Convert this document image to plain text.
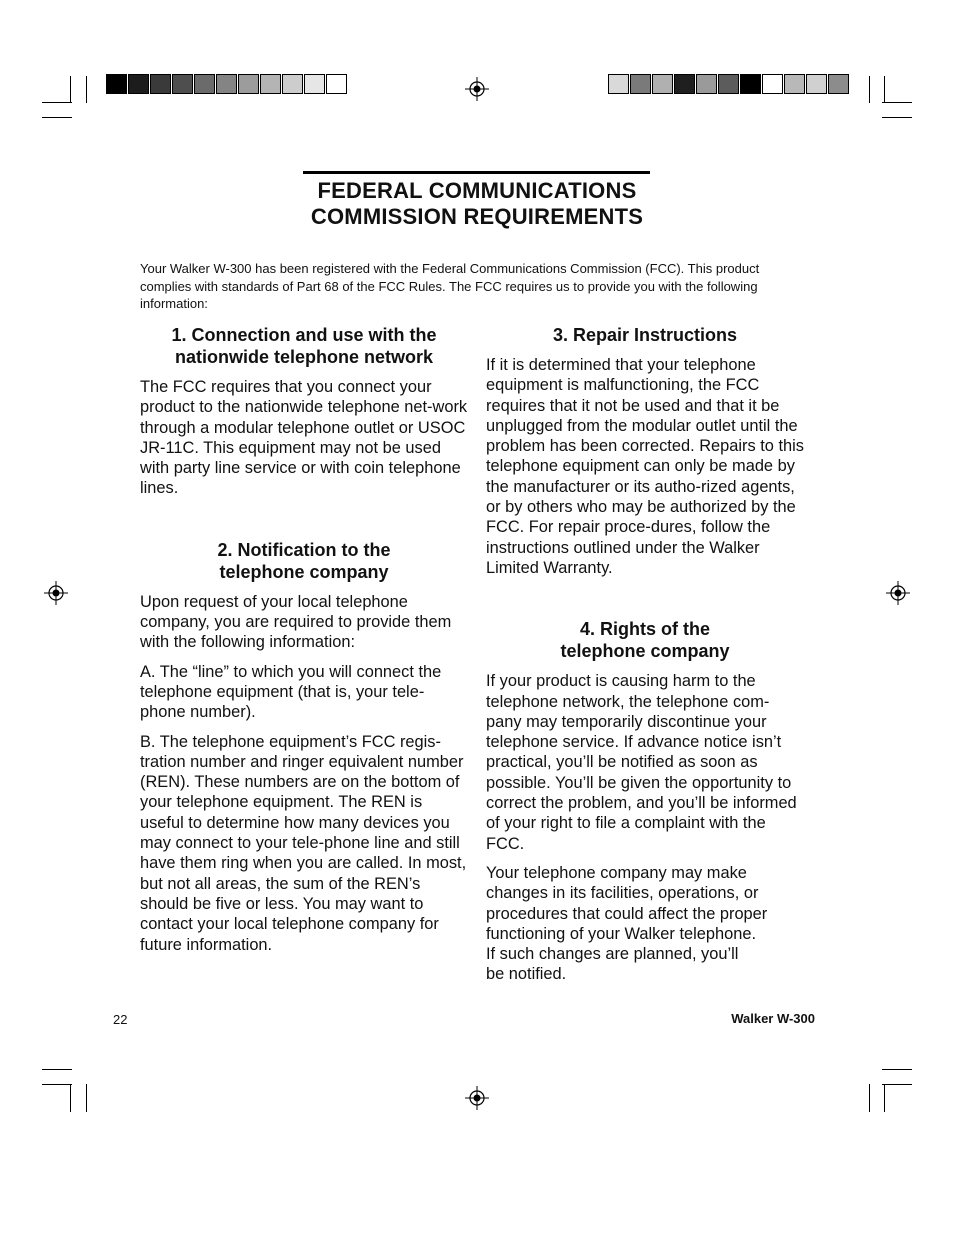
FEDERAL COMMUNICATIONS
COMMISSION REQUIREMENTS
Your Walker W-300 has been registered with the Federal Communications Commission (FCC). This product complies with standards of Part 68 of the FCC Rules. The FCC requires us to provide you with the following information:
1. Connection and use with the
nationwide telephone network

The FCC requires that you connect your product to the nationwide telephone net-work through a modular telephone outlet or USOC JR-11C. This equipment may not be used with party line service or with coin telephone lines.

2. Notification to the
telephone company

Upon request of your local telephone company, you are required to provide them with the following information:

A. The “line” to which you will connect the telephone equipment (that is, your tele-phone number).

B. The telephone equipment’s FCC regis-tration number and ringer equivalent number (REN). These numbers are on the bottom of your telephone equipment. The REN is useful to determine how many devices you may connect to your tele-phone line and still have them ring when you are called. In most, but not all areas, the sum of the REN’s should be five or less. You may want to contact your local telephone company for future information.

3. Repair Instructions

If it is determined that your telephone equipment is malfunctioning, the FCC requires that it not be used and that it be unplugged from the modular outlet until the problem has been corrected. Repairs to this telephone equipment can only be made by the manufacturer or its autho-rized agents, or by others who may be authorized by the FCC. For repair proce-dures, follow the instructions outlined under the Walker Limited Warranty.

4. Rights of the
telephone company

If your product is causing harm to the telephone network, the telephone com-pany may temporarily discontinue your telephone service. If advance notice isn’t practical, you’ll be notified as soon as possible. You’ll be given the opportunity to correct the problem, and you’ll be informed of your right to file a complaint with the FCC.

Your telephone company may make changes in its facilities, operations, or procedures that could affect the proper functioning of your Walker telephone.
If such changes are planned, you’ll
be notified.

22	Walker W-300
